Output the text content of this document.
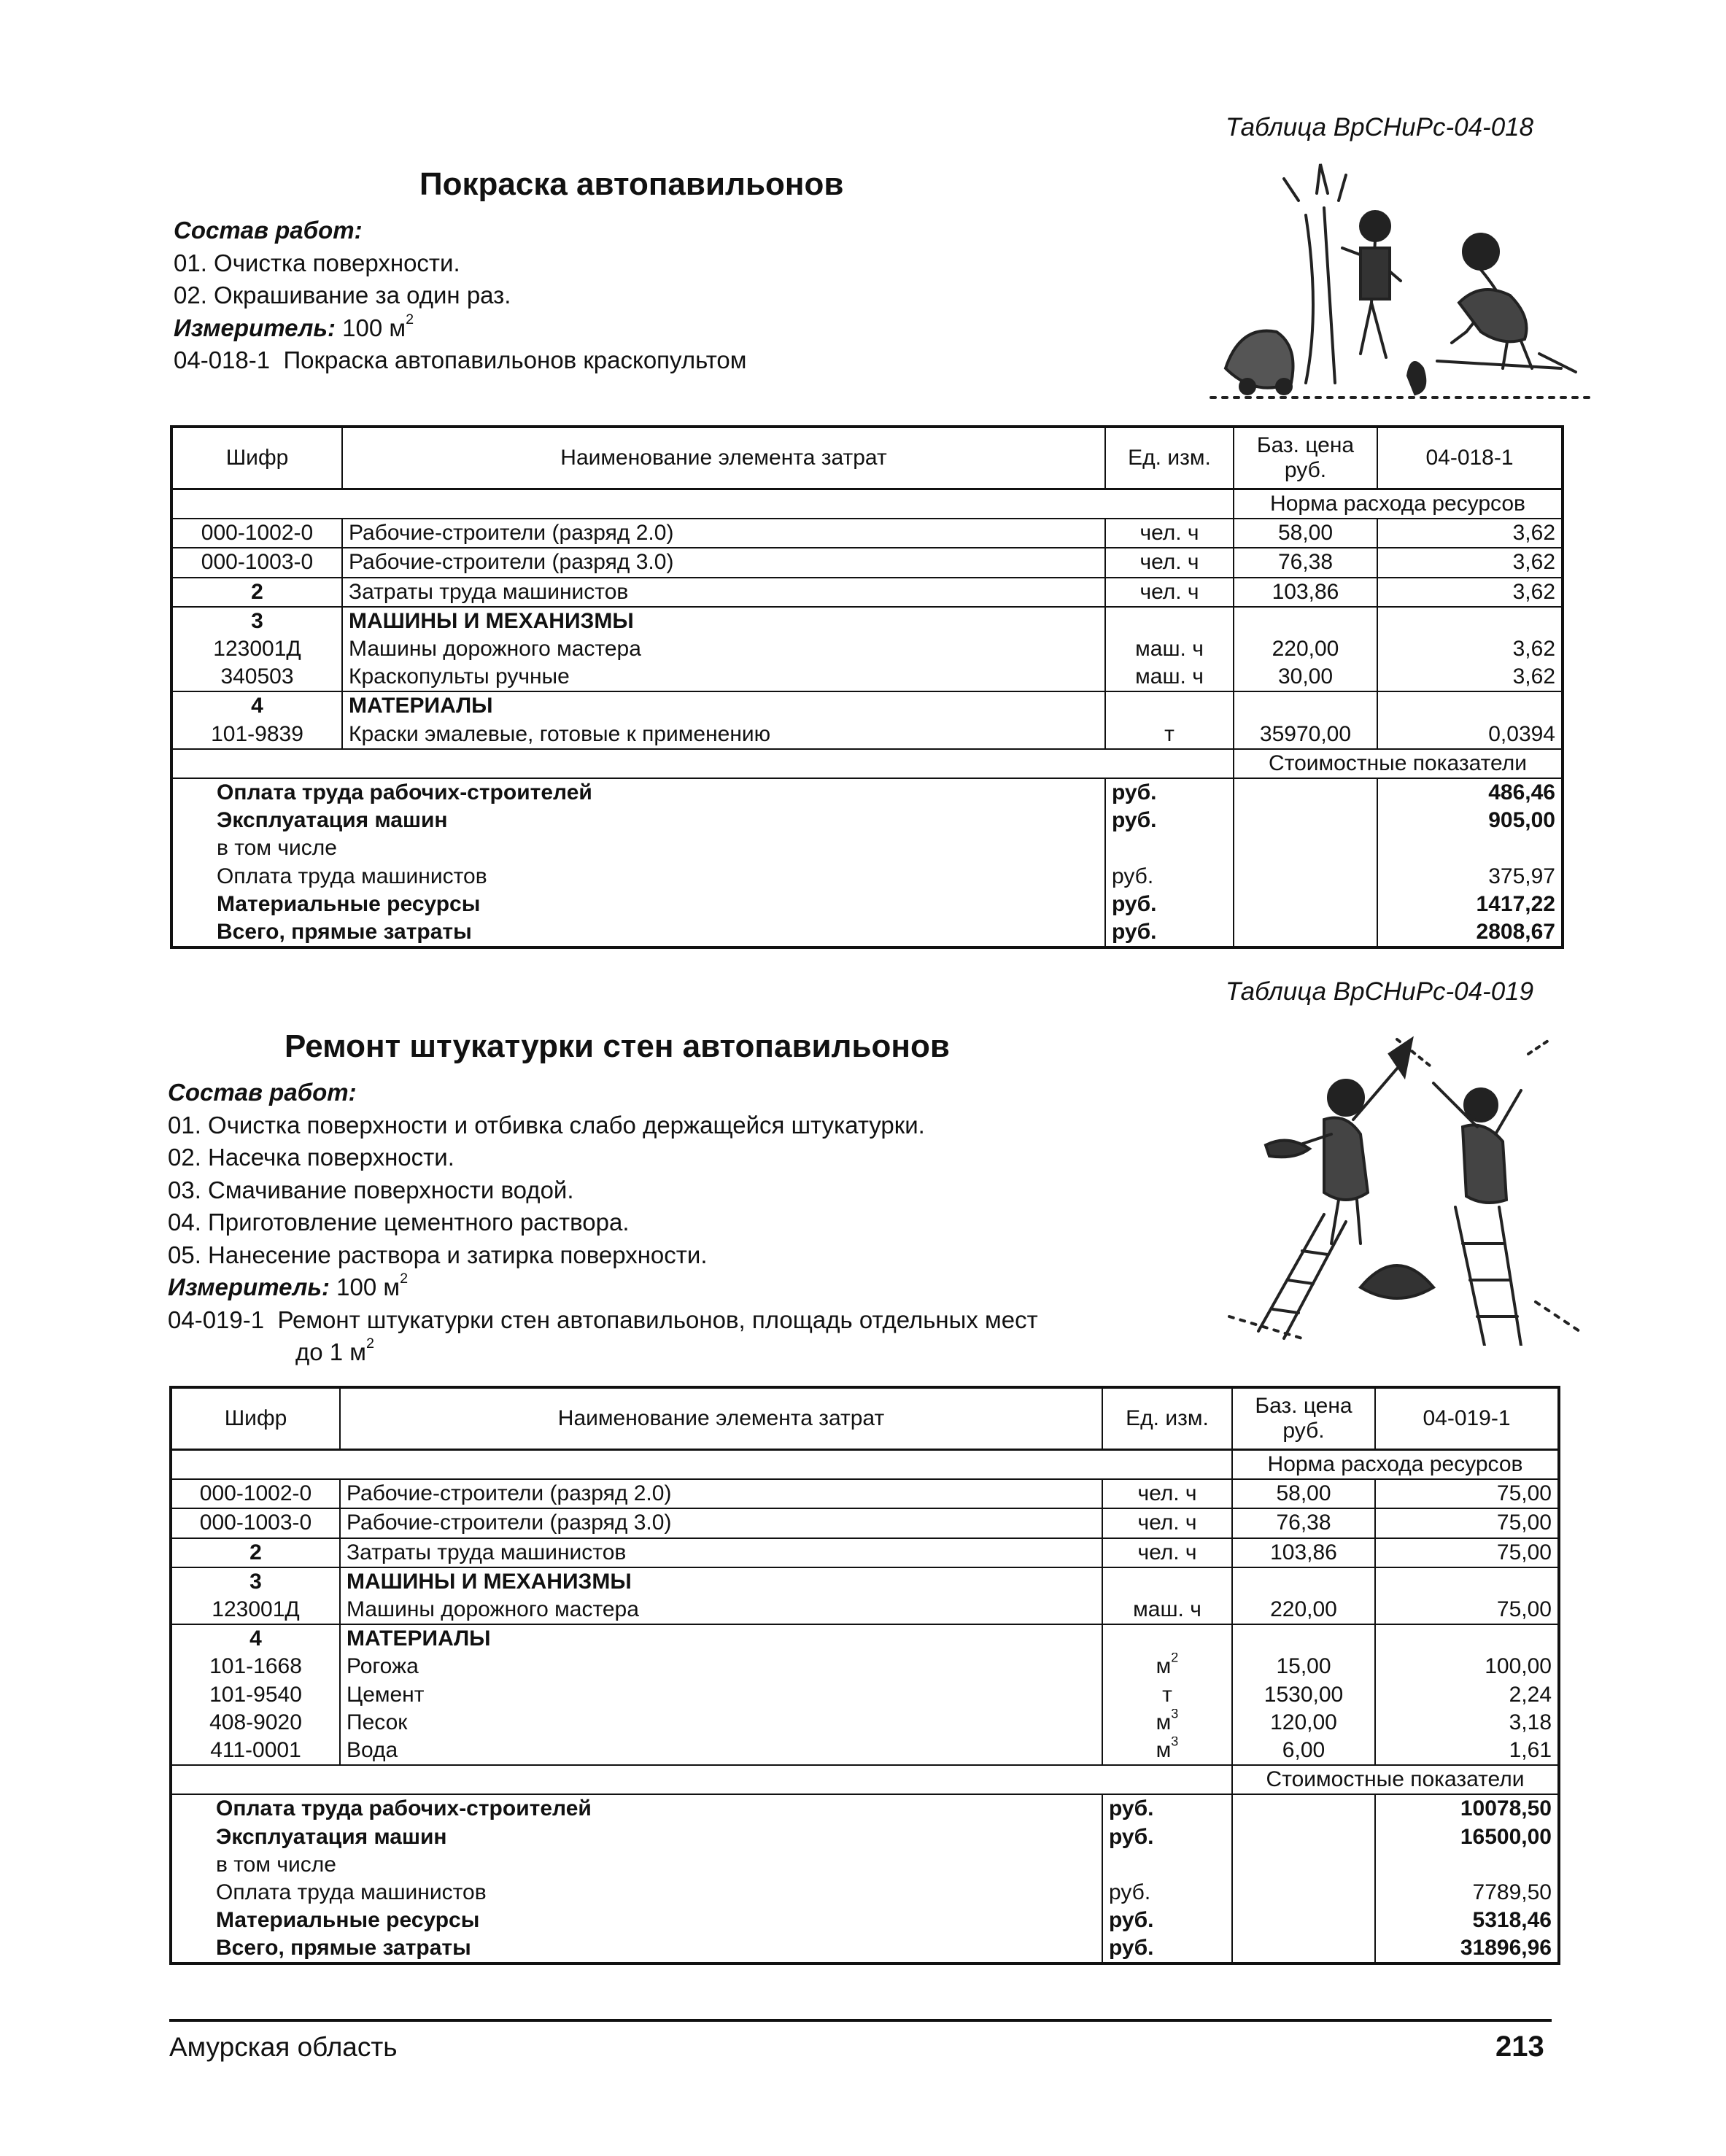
Таблица ВрСНиРс-04-018
Покраска автопавильонов
Состав работ:
01. Очистка поверхности.
02. Окрашивание за один раз.
Измеритель: 100 $м^2$
04-018-1 Покраска автопавильонов краскопультом
Шифр	Наименование элемента затрат	Ед. изм.	Баз. цена руб.	04-018-1
			Норма расхода ресурсов	
000-1002-0	Рабочие-строители (разряд 2.0)	чел. ч	58,00	3,62
000-1003-0	Рабочие-строители (разряд 3.0)	чел. ч	76,38	3,62
2	Затраты труда машинистов	чел. ч	103,86	3,62
3	МАШИНЫ И МЕХАНИЗМЫ			
123001Д	Машины дорожного мастера	маш. ч	220,00	3,62
340503	Краскопульты ручные	маш. ч	30,00	3,62
4	МАТЕРИАЛЫ			
101-9839	Краски эмалевые, готовые к применению	т	35970,00	0,0394
			Стоимостные показатели	
Оплата труда рабочих-строителей		руб.		486,46
Эксплуатация машин		руб.		905,00
в том числе				
Оплата труда машинистов		руб.		375,97
Материальные ресурсы		руб.		1417,22
Всего, прямые затраты		руб.		2808,67
Таблица ВрСНиРс-04-019
Ремонт штукатурки стен автопавильонов
Состав работ:
01. Очистка поверхности и отбивка слабо держащейся штукатурки.
02. Насечка поверхности.
03. Смачивание поверхности водой.
04. Приготовление цементного раствора.
05. Нанесение раствора и затирка поверхности.
Измеритель: 100 $м^2$
04-019-1 Ремонт штукатурки стен автопавильонов, площадь отдельных мест
до 1 $м^2$
Шифр	Наименование элемента затрат	Ед. изм.	Баз. цена руб.	04-019-1
			Норма расхода ресурсов	
000-1002-0	Рабочие-строители (разряд 2.0)	чел. ч	58,00	75,00
000-1003-0	Рабочие-строители (разряд 3.0)	чел. ч	76,38	75,00
2	Затраты труда машинистов	чел. ч	103,86	75,00
3	МАШИНЫ И МЕХАНИЗМЫ			
123001Д	Машины дорожного мастера	маш. ч	220,00	75,00
4	МАТЕРИАЛЫ			
101-1668	Рогожа	$м^2$	15,00	100,00
101-9540	Цемент	т	1530,00	2,24
408-9020	Песок	$м^3$	120,00	3,18
411-0001	Вода	$м^3$	6,00	1,61
			Стоимостные показатели	
Оплата труда рабочих-строителей		руб.		10078,50
Эксплуатация машин		руб.		16500,00
в том числе				
Оплата труда машинистов		руб.		7789,50
Материальные ресурсы		руб.		5318,46
Всего, прямые затраты		руб.		31896,96
Амурская область	213
